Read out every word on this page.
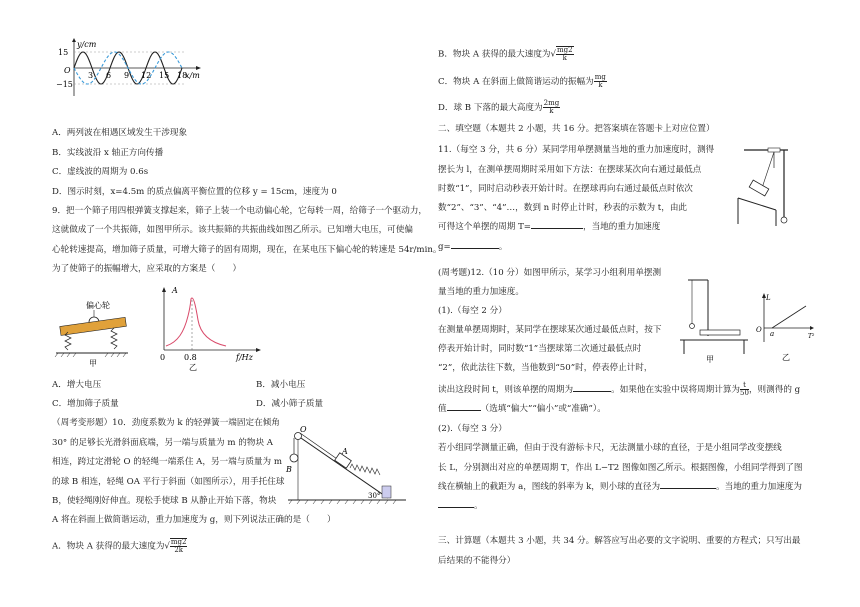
y/cm
15
−15
O
3 6 9 12 15 18
x/m
A．两列波在相遇区域发生干涉现象
B．实线波沿 x 轴正方向传播
C．虚线波的周期为 0.6s
D．图示时刻，x=4.5m 的质点偏离平衡位置的位移 y = 15cm，速度为 0
9．把一个筛子用四根弹簧支撑起来，筛子上装一个电动偏心轮，它每转一周，给筛子一个驱动力，
这就做成了一个共振筛，如图甲所示。该共振筛的共振曲线如图乙所示。已知增大电压，可使偏
心轮转速提高，增加筛子质量，可增大筛子的固有周期，现在，在某电压下偏心轮的转速是 54r/min。
为了使筛子的振幅增大，应采取的方案是（　　）
偏心轮
甲
A
0 0.8	f/Hz
乙
A．增大电压	B．减小电压
C．增加筛子质量	D．减小筛子质量
（周考变形题）10．劲度系数为 k 的轻弹簧一端固定在倾角
30° 的足够长光滑斜面底端，另一端与质量为 m 的物块 A
相连，跨过定滑轮 O 的轻绳一端系住 A，另一端与质量为 m
的球 B 相连，轻绳 OA 平行于斜面（如图所示），用手托住球
B，使轻绳刚好伸直。现松手使球 B 从静止开始下落，物块
A 将在斜面上做简谐运动，重力加速度为 g，则下列说法正确的是（　　）
O
B
A
30°
A．物块 A 获得的最大速度为√ $\frac{mg2}{2k}$
B．物块 A 获得的最大速度为√ $\frac{mg2}{k}$
C．物块 A 在斜面上做简谐运动的振幅为 $\frac{mg}{k}$
D．球 B 下落的最大高度为 $\frac{2mg}{k}$
二、填空题（本题共 2 小题，共 16 分。把答案填在答题卡上对应位置）
11.（每空 3 分，共 6 分）某同学用单摆测量当地的重力加速度时，测得
摆长为 l，在测单摆周期时采用如下方法：在摆球某次向右通过最低点
时数“1”，同时启动秒表开始计时。在摆球再向右通过最低点时依次
数“2”、“3”、“4”…，数到 n 时停止计时，秒表的示数为 t，由此
可得这个单摆的周期 T=	，当地的重力加速度
g=	。
(周考题)12.（10 分）如图甲所示，某学习小组利用单摆测
量当地的重力加速度。
(1).（每空 2 分）
在测量单摆周期时，某同学在摆球某次通过最低点时，按下
停表开始计时，同时数“1”当摆球第二次通过最低点时
“2”，依此法往下数，当他数到“50”时，停表停止计时，
甲
L
O a	T²
乙
读出这段时间 t，则该单摆的周期为	。如果他在实验中误将周期计算为 $\frac{t}{50}$ ，则测得的 g
值	（选填“偏大”“偏小”或“准确”）。
(2).（每空 3 分）
若小组同学测量正确，但由于没有游标卡尺，无法测量小球的直径，于是小组同学改变摆线
长 L，分别测出对应的单摆周期 T，作出 L−T2 图像如图乙所示。根据图像，小组同学得到了图
线在横轴上的截距为 a，图线的斜率为 k，则小球的直径为	。当地的重力加速度为
。
三、计算题（本题共 3 小题，共 34 分。解答应写出必要的文字说明、重要的方程式；只写出最
后结果的不能得分）
